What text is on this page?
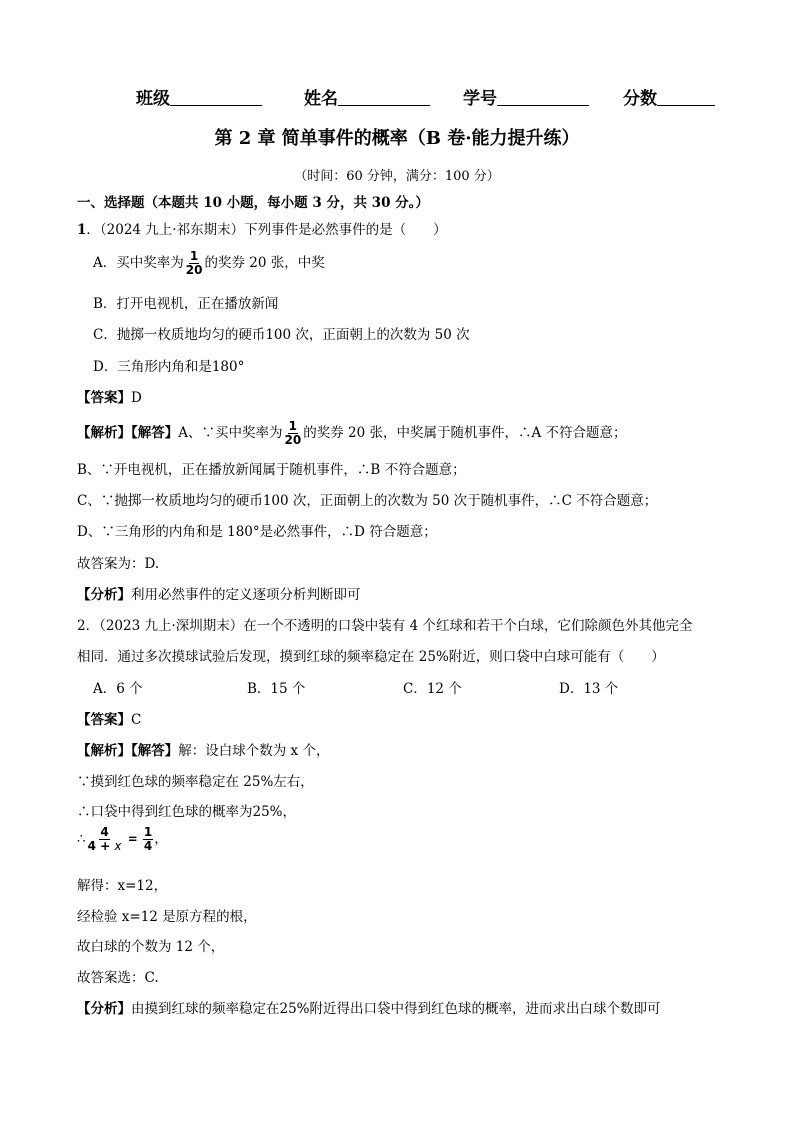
班级	姓名	学号	分数
第 2 章 简单事件的概率（B 卷·能力提升练）
（时间：60 分钟，满分：100 分）
一、选择题（本题共 10 小题，每小题 3 分，共 30 分。）
1．（2024 九上·祁东期末）下列事件是必然事件的是（　　）
A．买中奖率为 $\frac{1}{20}$ 的奖券 20 张，中奖
B．打开电视机，正在播放新闻
C．抛掷一枚质地均匀的硬币100 次，正面朝上的次数为 50 次
D．三角形内角和是180°
【答案】D
【解析】【解答】A、∵买中奖率为 $\frac{1}{20}$ 的奖券 20 张，中奖属于随机事件，∴A 不符合题意；
B、∵开电视机，正在播放新闻属于随机事件，∴B 不符合题意；
C、∵抛掷一枚质地均匀的硬币100 次，正面朝上的次数为 50 次于随机事件，∴C 不符合题意；
D、∵三角形的内角和是 180°是必然事件，∴D 符合题意；
故答案为：D.
【分析】利用必然事件的定义逐项分析判断即可
2．（2023 九上·深圳期末）在一个不透明的口袋中装有 4 个红球和若干个白球，它们除颜色外其他完全
相同．通过多次摸球试验后发现，摸到红球的频率稳定在 25%附近，则口袋中白球可能有（　　）
A．6 个	B．15 个	C．12 个	D．13 个
【答案】C
【解析】【解答】解：设白球个数为 x 个，
∵摸到红色球的频率稳定在 25%左右，
∴口袋中得到红色球的概率为25%，
∴ $\frac{4}{4 + x} = \frac{1}{4}$ ，
解得：x=12，
经检验 x=12 是原方程的根，
故白球的个数为 12 个，
故答案选：C.
【分析】由摸到红球的频率稳定在25%附近得出口袋中得到红色球的概率，进而求出白球个数即可
